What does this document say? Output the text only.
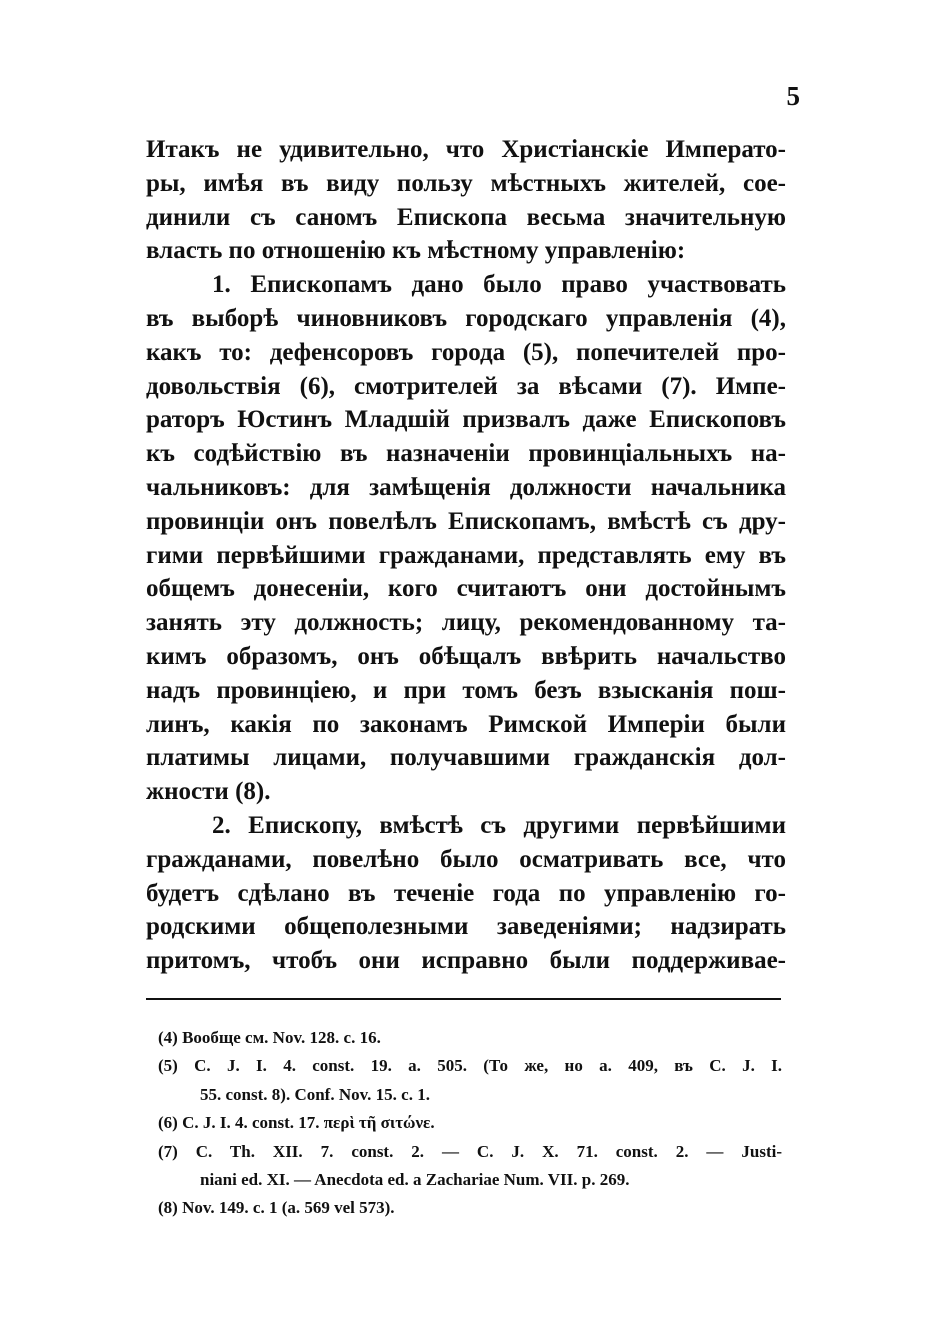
5
Итакъ не удивительно, что Христіанскіе Императо-
ры, имѣя въ виду пользу мѣстныхъ жителей, сое-
динили съ саномъ Епископа весьма значительную
власть по отношенію къ мѣстному управленію:
1. Епископамъ дано было право участвовать
въ выборѣ чиновниковъ городскаго управленія (4),
какъ то: дефенсоровъ города (5), попечителей про-
довольствія (6), смотрителей за вѣсами (7). Импе-
раторъ Юстинъ Младшій призвалъ даже Епископовъ
къ содѣйствію въ назначеніи провинціальныхъ на-
чальниковъ: для замѣщенія должности начальника
провинціи онъ повелѣлъ Епископамъ, вмѣстѣ съ дру-
гими первѣйшими гражданами, представлять ему въ
общемъ донесеніи, кого считаютъ они достойнымъ
занять эту должность; лицу, рекомендованному та-
кимъ образомъ, онъ обѣщалъ ввѣрить начальство
надъ провинціею, и при томъ безъ взысканія пош-
линъ, какія по законамъ Римской Имперіи были
платимы лицами, получавшими гражданскія дол-
жности (8).
2. Епископу, вмѣстѣ съ другими первѣйшими
гражданами, повелѣно было осматривать все, что
будетъ сдѣлано въ теченіе года по управленію го-
родскими общеполезными заведеніями; надзирать
притомъ, чтобъ они исправно были поддерживае-
(4) Вообще см. Nov. 128. c. 16.
(5) C. J. I. 4. const. 19. a. 505. (То же, но a. 409, въ C. J. I.
55. const. 8). Conf. Nov. 15. c. 1.
(6) C. J. I. 4. const. 17. περὶ τῆ σιτώνε.
(7) C. Th. XII. 7. const. 2. — C. J. X. 71. const. 2. — Justi-
niani ed. XI. — Anecdota ed. a Zachariae Num. VII. p. 269.
(8) Nov. 149. c. 1 (a. 569 vel 573).
